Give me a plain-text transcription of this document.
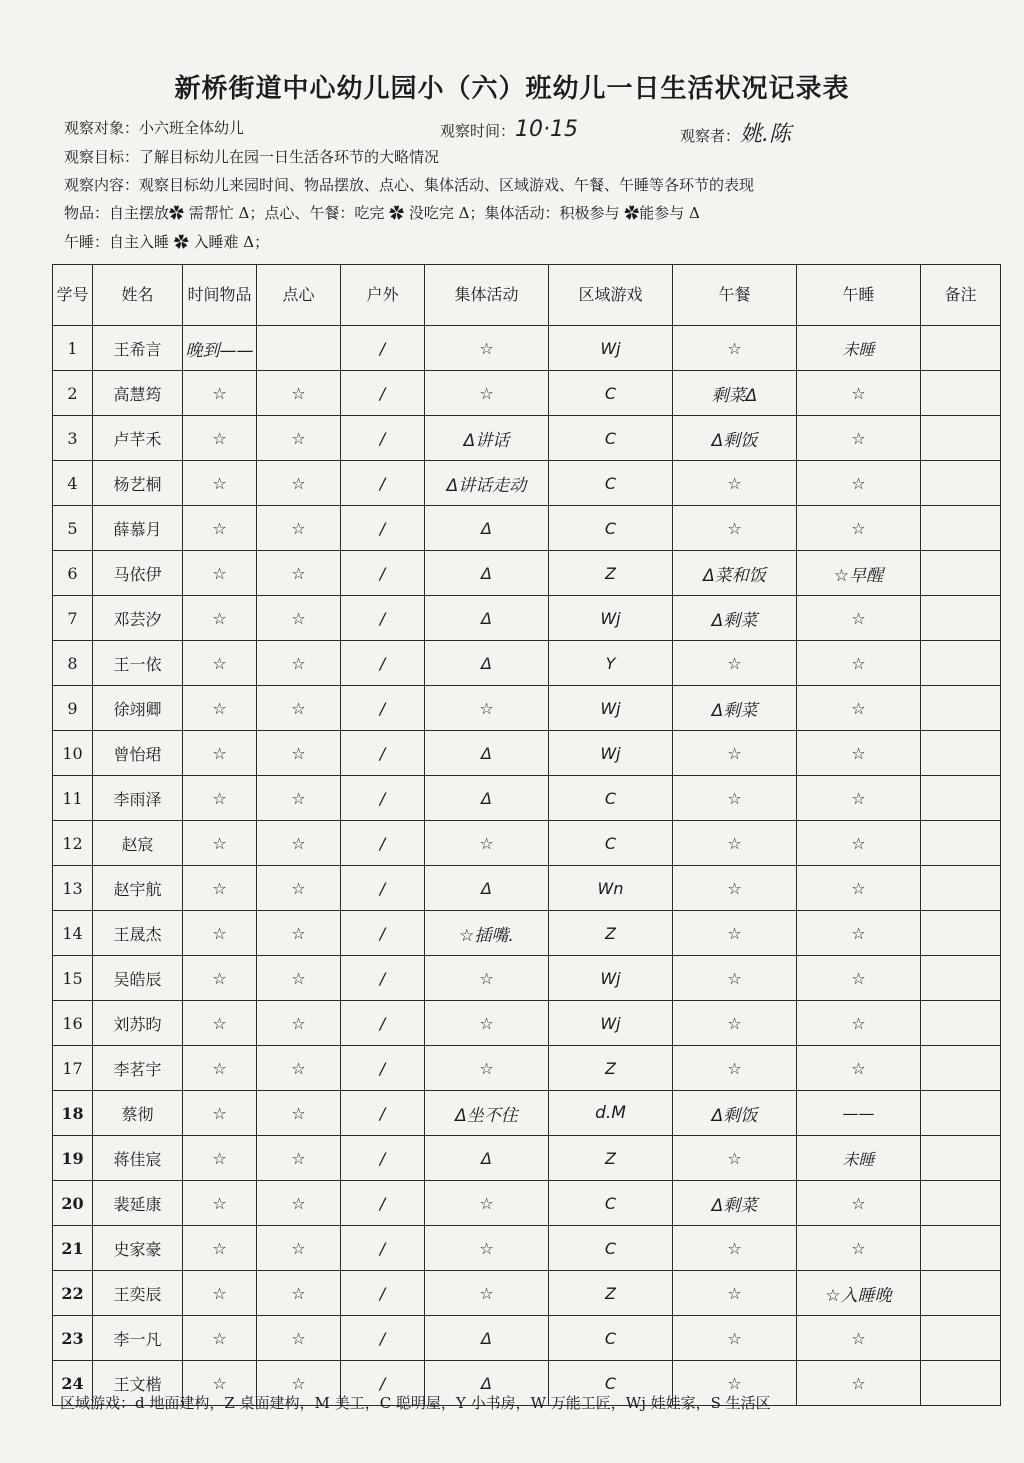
新桥街道中心幼儿园小（六）班幼儿一日生活状况记录表
观察对象：小六班全体幼儿	观察时间：10·15	观察者：姚.陈
观察目标：了解目标幼儿在园一日生活各环节的大略情况
观察内容：观察目标幼儿来园时间、物品摆放、点心、集体活动、区域游戏、午餐、午睡等各环节的表现
物品：自主摆放✿ 需帮忙 Δ；点心、午餐：吃完 ✿ 没吃完 Δ；集体活动：积极参与 ✿能参与 Δ
午睡：自主入睡 ✿ 入睡难 Δ；
学号	姓名	时间物品	点心	户外	集体活动	区域游戏	午餐	午睡	备注
1	王希言	晚到——		/	☆	Wj	☆	未睡	
2	高慧筠	☆	☆	/	☆	C	剩菜Δ	☆	
3	卢芊禾	☆	☆	/	Δ讲话	C	Δ剩饭	☆	
4	杨艺桐	☆	☆	/	Δ讲话走动	C	☆	☆	
5	薛慕月	☆	☆	/	Δ	C	☆	☆	
6	马依伊	☆	☆	/	Δ	Z	Δ菜和饭	☆早醒	
7	邓芸汐	☆	☆	/	Δ	Wj	Δ剩菜	☆	
8	王一依	☆	☆	/	Δ	Y	☆	☆	
9	徐翊卿	☆	☆	/	☆	Wj	Δ剩菜	☆	
10	曾怡珺	☆	☆	/	Δ	Wj	☆	☆	
11	李雨泽	☆	☆	/	Δ	C	☆	☆	
12	赵宸	☆	☆	/	☆	C	☆	☆	
13	赵宇航	☆	☆	/	Δ	Wn	☆	☆	
14	王晟杰	☆	☆	/	☆插嘴.	Z	☆	☆	
15	吴皓辰	☆	☆	/	☆	Wj	☆	☆	
16	刘苏昀	☆	☆	/	☆	Wj	☆	☆	
17	李茗宇	☆	☆	/	☆	Z	☆	☆	
18	蔡彻	☆	☆	/	Δ坐不住	d.M	Δ剩饭	——	
19	蒋佳宸	☆	☆	/	Δ	Z	☆	未睡	
20	裴延康	☆	☆	/	☆	C	Δ剩菜	☆	
21	史家豪	☆	☆	/	☆	C	☆	☆	
22	王奕辰	☆	☆	/	☆	Z	☆	☆入睡晚	
23	李一凡	☆	☆	/	Δ	C	☆	☆	
24	王文楷	☆	☆	/	Δ	C	☆	☆	
区域游戏：d 地面建构，Z 桌面建构，M 美工，C 聪明屋，Y 小书房，W 万能工匠，Wj 娃娃家，S 生活区
